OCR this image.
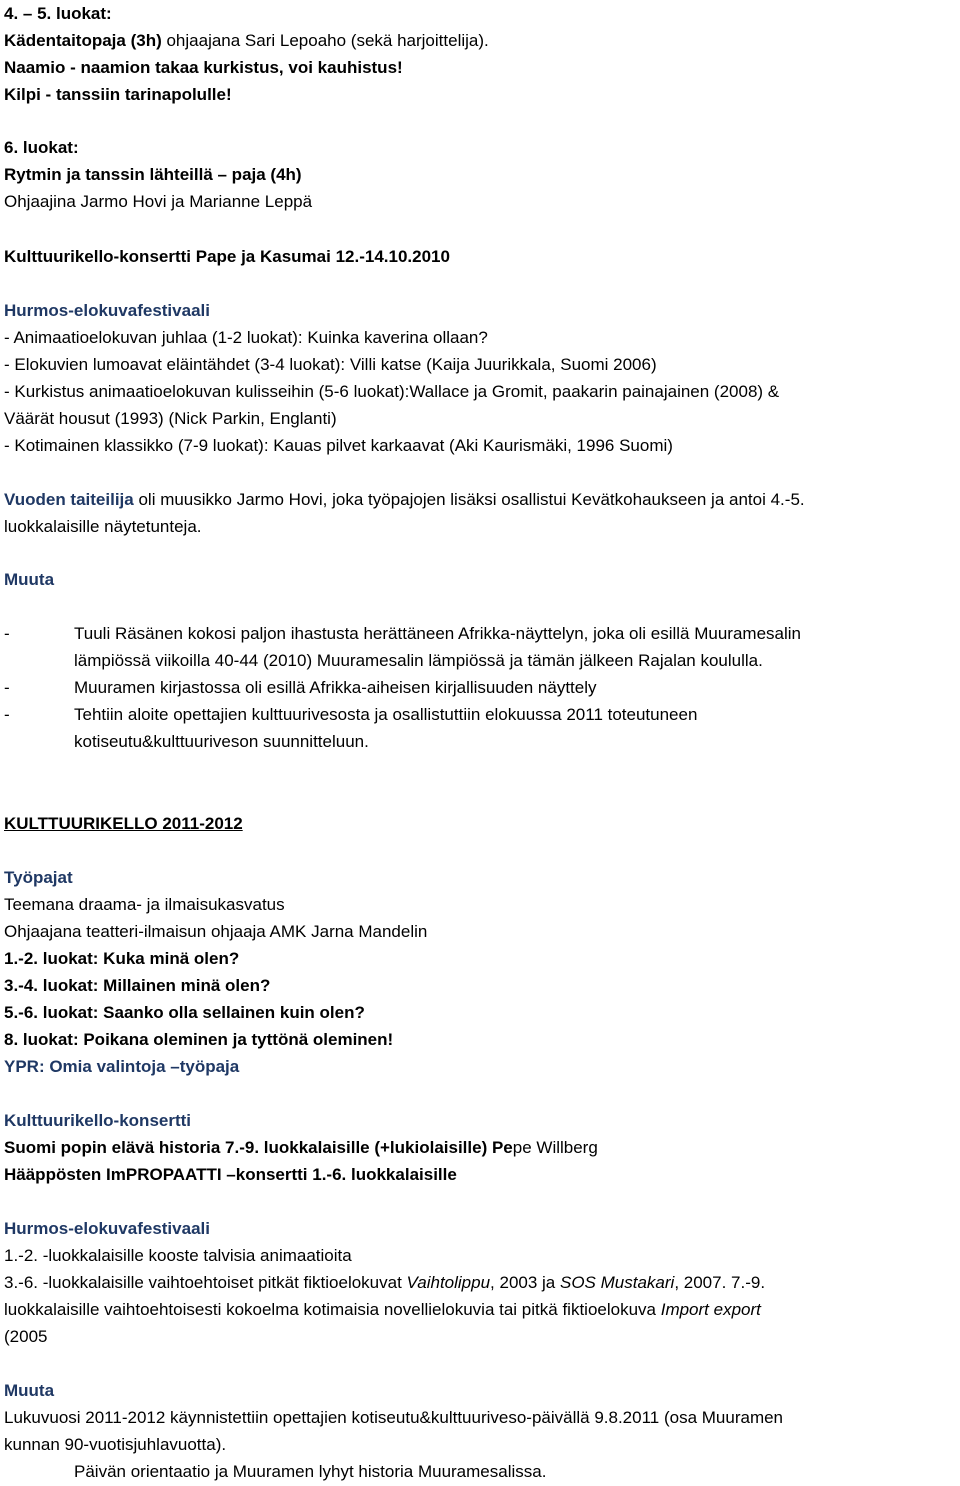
4. – 5. luokat:
Kädentaitopaja (3h) ohjaajana Sari Lepoaho (sekä harjoittelija).
Naamio - naamion takaa kurkistus, voi kauhistus!
Kilpi - tanssiin tarinapolulle!
6. luokat:
Rytmin ja tanssin lähteillä – paja (4h)
Ohjaajina Jarmo Hovi ja Marianne Leppä
Kulttuurikello-konsertti Pape ja Kasumai 12.-14.10.2010
Hurmos-elokuvafestivaali
- Animaatioelokuvan juhlaa (1-2 luokat): Kuinka kaverina ollaan?
- Elokuvien lumoavat eläintähdet (3-4 luokat): Villi katse (Kaija Juurikkala, Suomi 2006)
- Kurkistus animaatioelokuvan kulisseihin (5-6 luokat):Wallace ja Gromit, paakarin painajainen (2008) &
Väärät housut (1993) (Nick Parkin, Englanti)
- Kotimainen klassikko (7-9 luokat): Kauas pilvet karkaavat (Aki Kaurismäki, 1996 Suomi)
Vuoden taiteilija oli muusikko Jarmo Hovi, joka työpajojen lisäksi osallistui Kevätkohaukseen ja antoi 4.-5.
luokkalaisille näytetunteja.
Muuta
-	Tuuli Räsänen kokosi paljon ihastusta herättäneen Afrikka-näyttelyn, joka oli esillä Muuramesalin
lämpiössä viikoilla 40-44 (2010) Muuramesalin lämpiössä ja tämän jälkeen Rajalan koululla.
-	Muuramen kirjastossa oli esillä Afrikka-aiheisen kirjallisuuden näyttely
-	Tehtiin aloite opettajien kulttuurivesosta ja osallistuttiin elokuussa 2011 toteutuneen
kotiseutu&kulttuuriveson suunnitteluun.
KULTTUURIKELLO 2011-2012
Työpajat
Teemana draama- ja ilmaisukasvatus
Ohjaajana teatteri-ilmaisun ohjaaja AMK Jarna Mandelin
1.-2. luokat: Kuka minä olen?
3.-4. luokat: Millainen minä olen?
5.-6. luokat: Saanko olla sellainen kuin olen?
8. luokat: Poikana oleminen ja tyttönä oleminen!
YPR: Omia valintoja –työpaja
Kulttuurikello-konsertti
Suomi popin elävä historia 7.-9. luokkalaisille (+lukiolaisille) Pepe Willberg
Hääppösten ImPROPAATTI –konsertti 1.-6. luokkalaisille
Hurmos-elokuvafestivaali
1.-2. -luokkalaisille kooste talvisia animaatioita
3.-6. -luokkalaisille vaihtoehtoiset pitkät fiktioelokuvat Vaihtolippu, 2003 ja SOS Mustakari, 2007. 7.-9.
luokkalaisille vaihtoehtoisesti kokoelma kotimaisia novellielokuvia tai pitkä fiktioelokuva Import export
(2005
Muuta
Lukuvuosi 2011-2012 käynnistettiin opettajien kotiseutu&kulttuuriveso-päivällä 9.8.2011 (osa Muuramen
kunnan 90-vuotisjuhlavuotta).
Päivän orientaatio ja Muuramen lyhyt historia Muuramesalissa.
